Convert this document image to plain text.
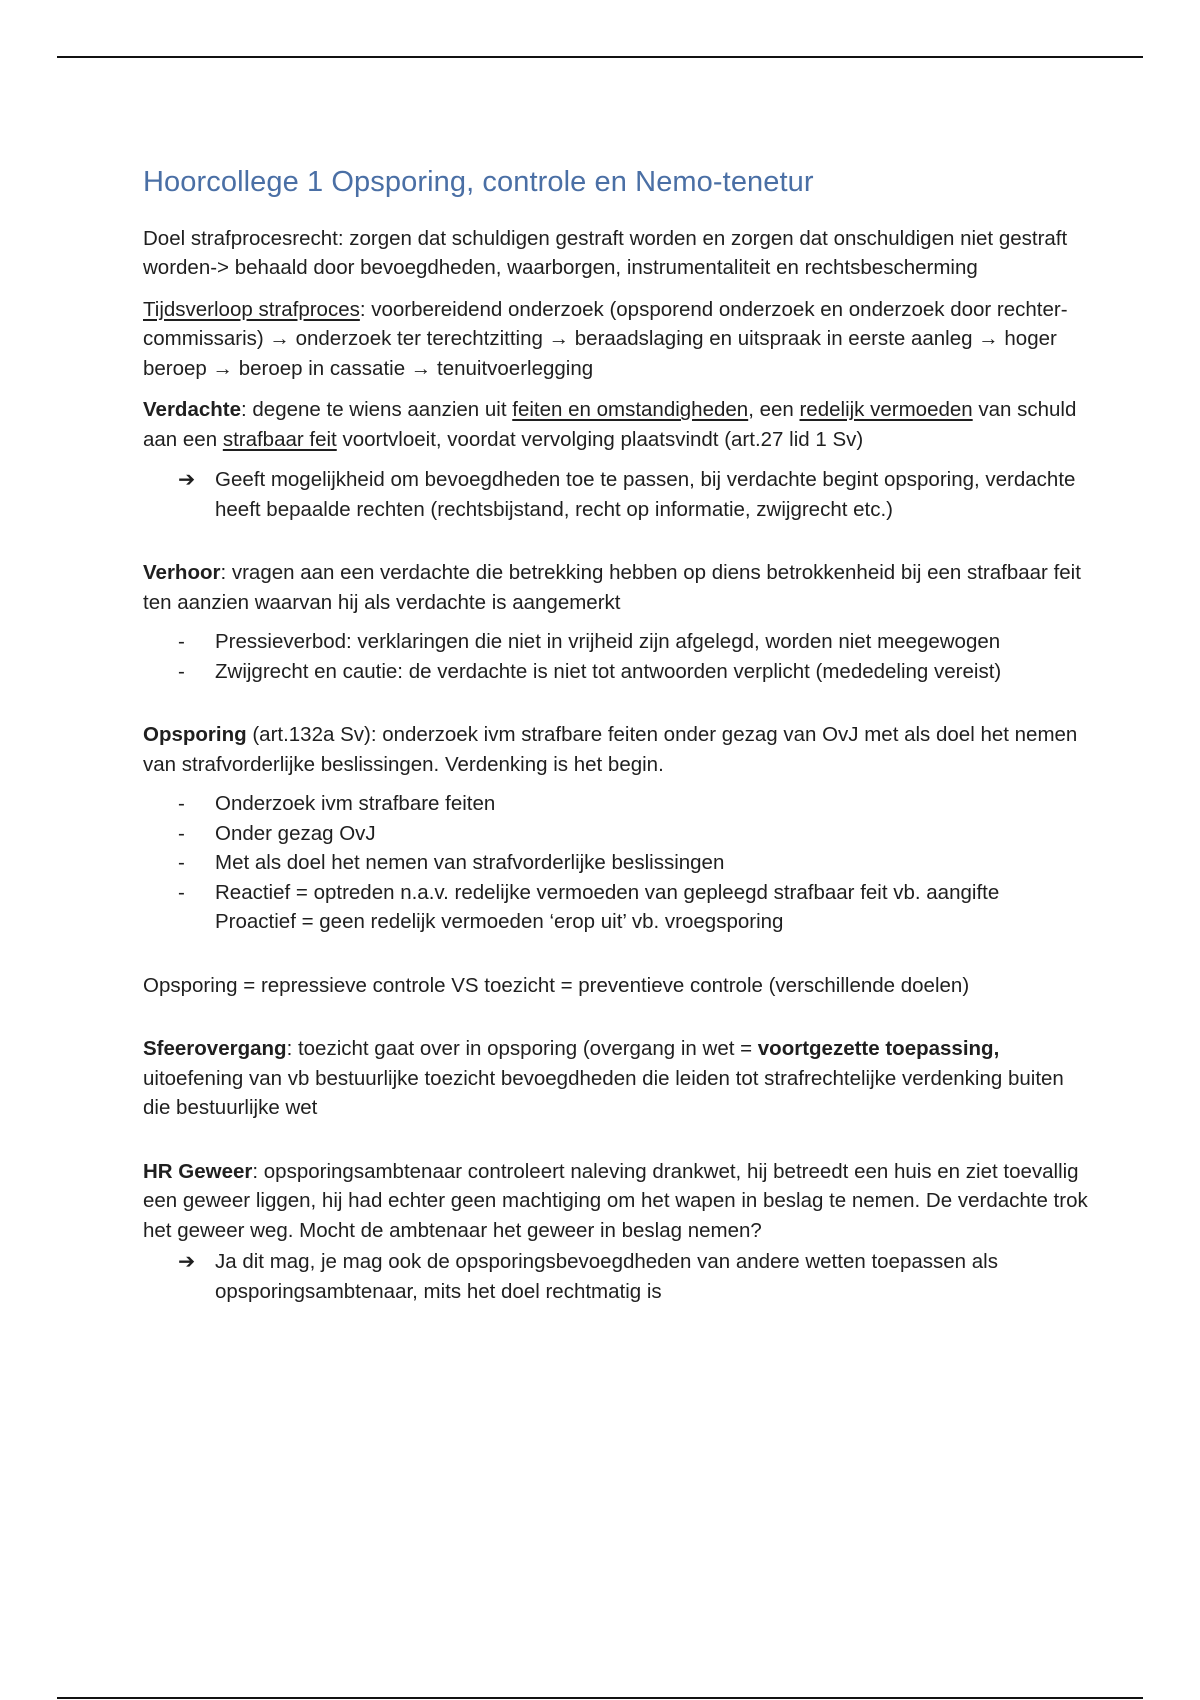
Hoorcollege 1 Opsporing, controle en Nemo-tenetur

Doel strafprocesrecht: zorgen dat schuldigen gestraft worden en zorgen dat onschuldigen niet gestraft worden-> behaald door bevoegdheden, waarborgen, instrumentaliteit en rechtsbescherming

Tijdsverloop strafproces: voorbereidend onderzoek (opsporend onderzoek en onderzoek door rechter-commissaris) → onderzoek ter terechtzitting → beraadslaging en uitspraak in eerste aanleg → hoger beroep → beroep in cassatie → tenuitvoerlegging

Verdachte: degene te wiens aanzien uit feiten en omstandigheden, een redelijk vermoeden van schuld aan een strafbaar feit voortvloeit, voordat vervolging plaatsvindt (art.27 lid 1 Sv)

➔ Geeft mogelijkheid om bevoegdheden toe te passen, bij verdachte begint opsporing, verdachte heeft bepaalde rechten (rechtsbijstand, recht op informatie, zwijgrecht etc.)

Verhoor: vragen aan een verdachte die betrekking hebben op diens betrokkenheid bij een strafbaar feit ten aanzien waarvan hij als verdachte is aangemerkt

-	Pressieverbod: verklaringen die niet in vrijheid zijn afgelegd, worden niet meegewogen
-	Zwijgrecht en cautie: de verdachte is niet tot antwoorden verplicht (mededeling vereist)

Opsporing (art.132a Sv): onderzoek ivm strafbare feiten onder gezag van OvJ met als doel het nemen van strafvorderlijke beslissingen. Verdenking is het begin.

-	Onderzoek ivm strafbare feiten
-	Onder gezag OvJ
-	Met als doel het nemen van strafvorderlijke beslissingen
-	Reactief = optreden n.a.v. redelijke vermoeden van gepleegd strafbaar feit vb. aangifte
Proactief = geen redelijk vermoeden ‘erop uit’ vb. vroegsporing

Opsporing = repressieve controle VS toezicht = preventieve controle (verschillende doelen)

Sfeerovergang: toezicht gaat over in opsporing (overgang in wet = voortgezette toepassing, uitoefening van vb bestuurlijke toezicht bevoegdheden die leiden tot strafrechtelijke verdenking buiten die bestuurlijke wet

HR Geweer: opsporingsambtenaar controleert naleving drankwet, hij betreedt een huis en ziet toevallig een geweer liggen, hij had echter geen machtiging om het wapen in beslag te nemen. De verdachte trok het geweer weg. Mocht de ambtenaar het geweer in beslag nemen?

➔ Ja dit mag, je mag ook de opsporingsbevoegdheden van andere wetten toepassen als opsporingsambtenaar, mits het doel rechtmatig is
